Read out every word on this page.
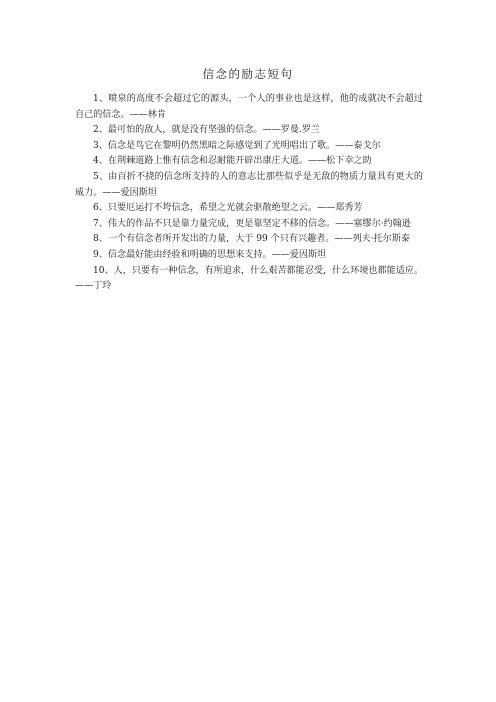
信念的励志短句
1、喷泉的高度不会超过它的源头，一个人的事业也是这样，他的成就决不会超过自己的信念。——林肯
2、最可怕的敌人，就是没有坚强的信念。——罗曼.罗兰
3、信念是鸟它在黎明仍然黑暗之际感觉到了光明唱出了歌。——泰戈尔
4、在荆棘道路上惟有信念和忍耐能开辟出康庄大道。——松下幸之助
5、由百折不挠的信念所支持的人的意志比那些似乎是无敌的物质力量具有更大的威力。——爱因斯坦
6、只要厄运打不垮信念，希望之光就会驱散绝望之云。——郑秀芳
7、伟大的作品不只是靠力量完成，更是靠坚定不移的信念。——塞缪尔·约翰逊
8、一个有信念者所开发出的力量，大于 99 个只有兴趣者。——列夫·托尔斯泰
9、信念最好能由经验和明确的思想来支持。——爱因斯坦
10、人，只要有一种信念，有所追求，什么艰苦都能忍受，什么环境也都能适应。——丁玲
